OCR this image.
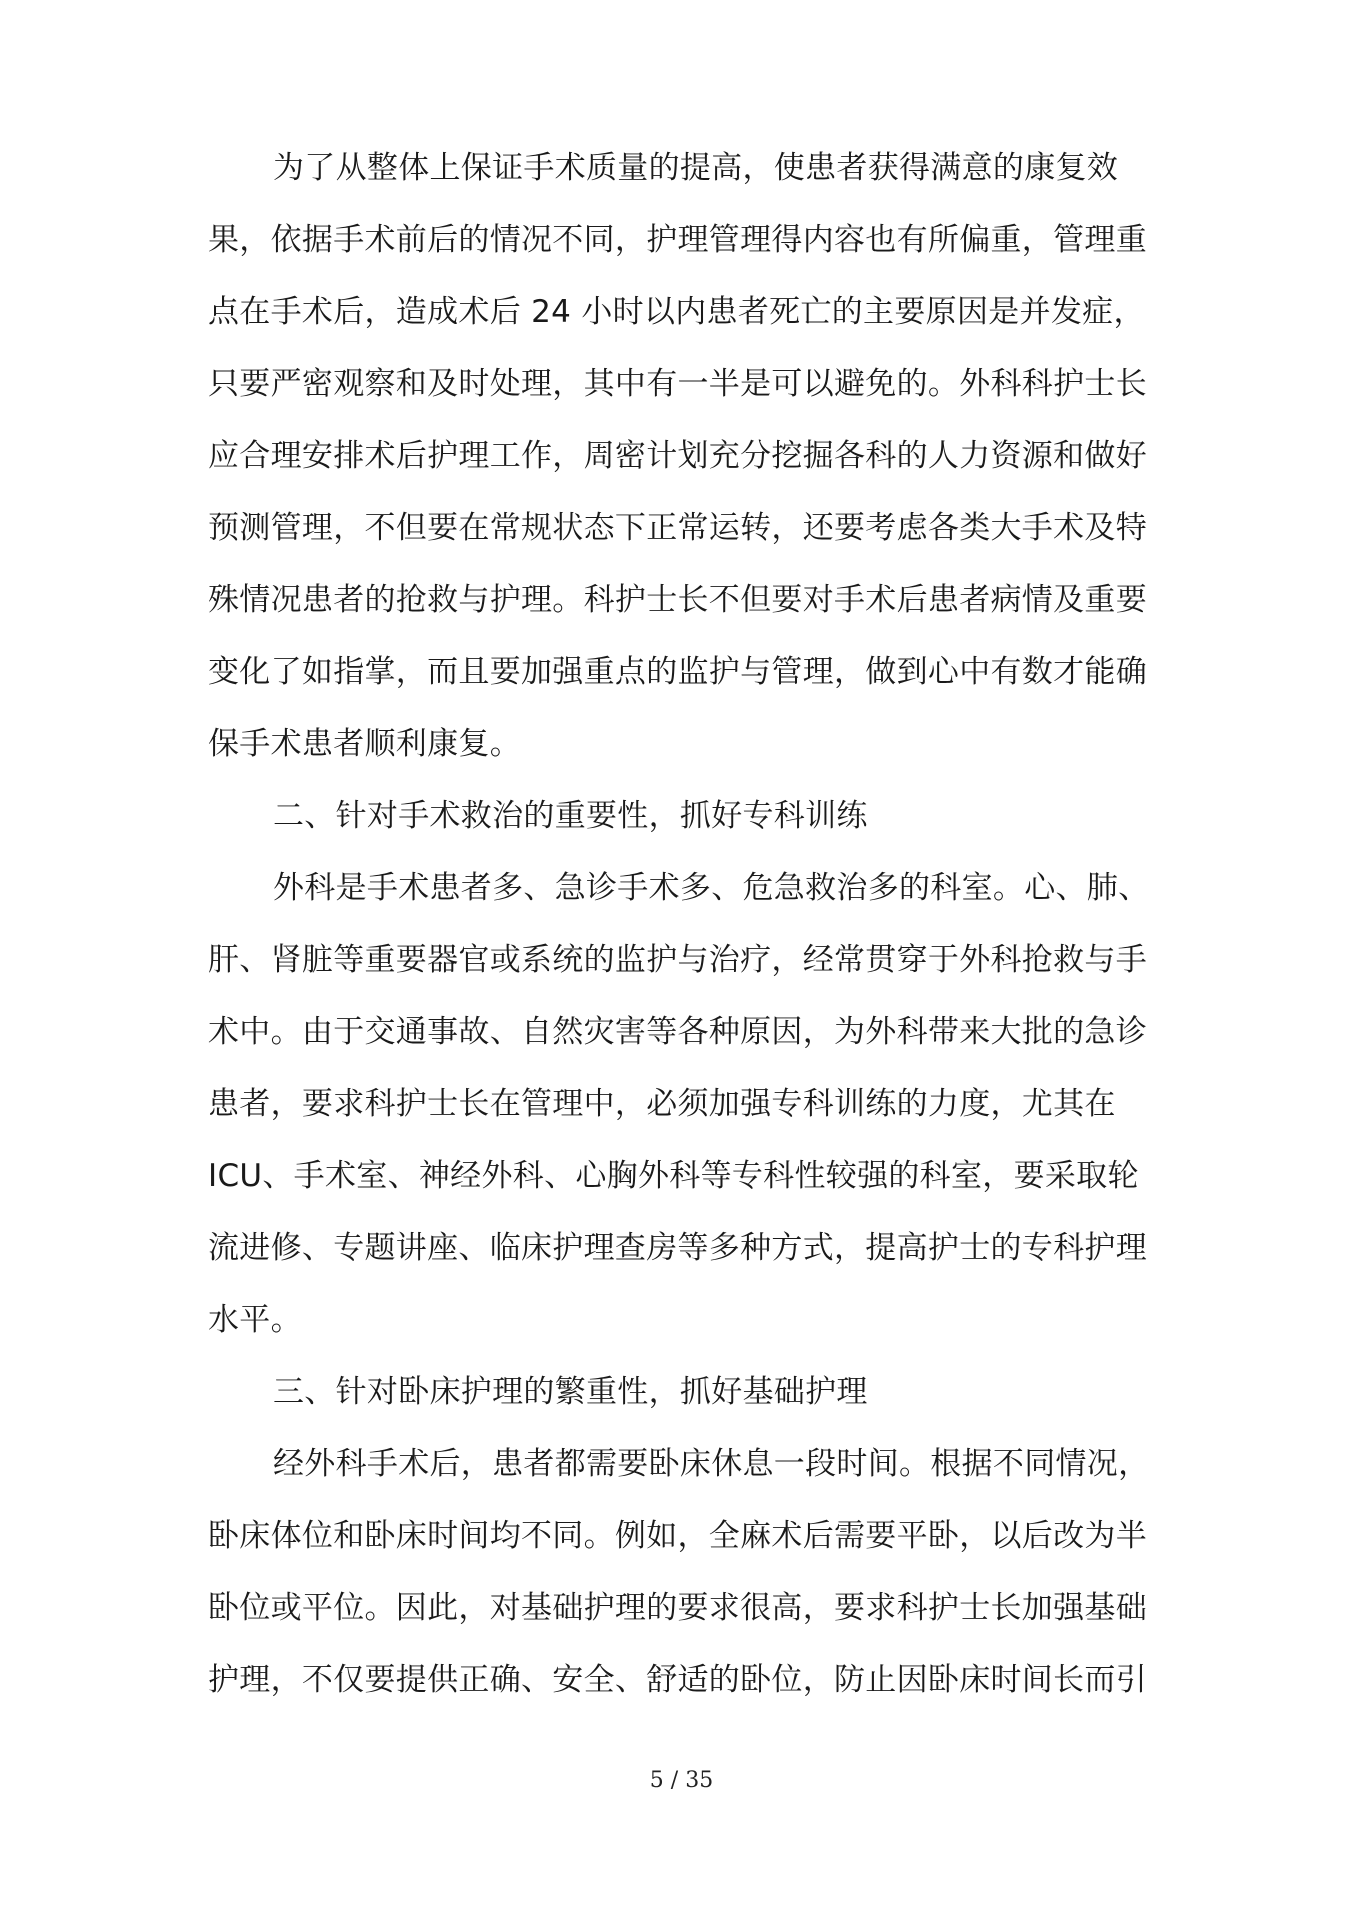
为了从整体上保证手术质量的提高，使患者获得满意的康复效
果，依据手术前后的情况不同，护理管理得内容也有所偏重，管理重
点在手术后，造成术后 24 小时以内患者死亡的主要原因是并发症，
只要严密观察和及时处理，其中有一半是可以避免的。外科科护士长
应合理安排术后护理工作，周密计划充分挖掘各科的人力资源和做好
预测管理，不但要在常规状态下正常运转，还要考虑各类大手术及特
殊情况患者的抢救与护理。科护士长不但要对手术后患者病情及重要
变化了如指掌，而且要加强重点的监护与管理，做到心中有数才能确
保手术患者顺利康复。
二、针对手术救治的重要性，抓好专科训练
外科是手术患者多、急诊手术多、危急救治多的科室。心、肺、
肝、肾脏等重要器官或系统的监护与治疗，经常贯穿于外科抢救与手
术中。由于交通事故、自然灾害等各种原因，为外科带来大批的急诊
患者，要求科护士长在管理中，必须加强专科训练的力度，尤其在
ICU、手术室、神经外科、心胸外科等专科性较强的科室，要采取轮
流进修、专题讲座、临床护理查房等多种方式，提高护士的专科护理
水平。
三、针对卧床护理的繁重性，抓好基础护理
经外科手术后，患者都需要卧床休息一段时间。根据不同情况，
卧床体位和卧床时间均不同。例如，全麻术后需要平卧，以后改为半
卧位或平位。因此，对基础护理的要求很高，要求科护士长加强基础
护理，不仅要提供正确、安全、舒适的卧位，防止因卧床时间长而引
5 / 35
